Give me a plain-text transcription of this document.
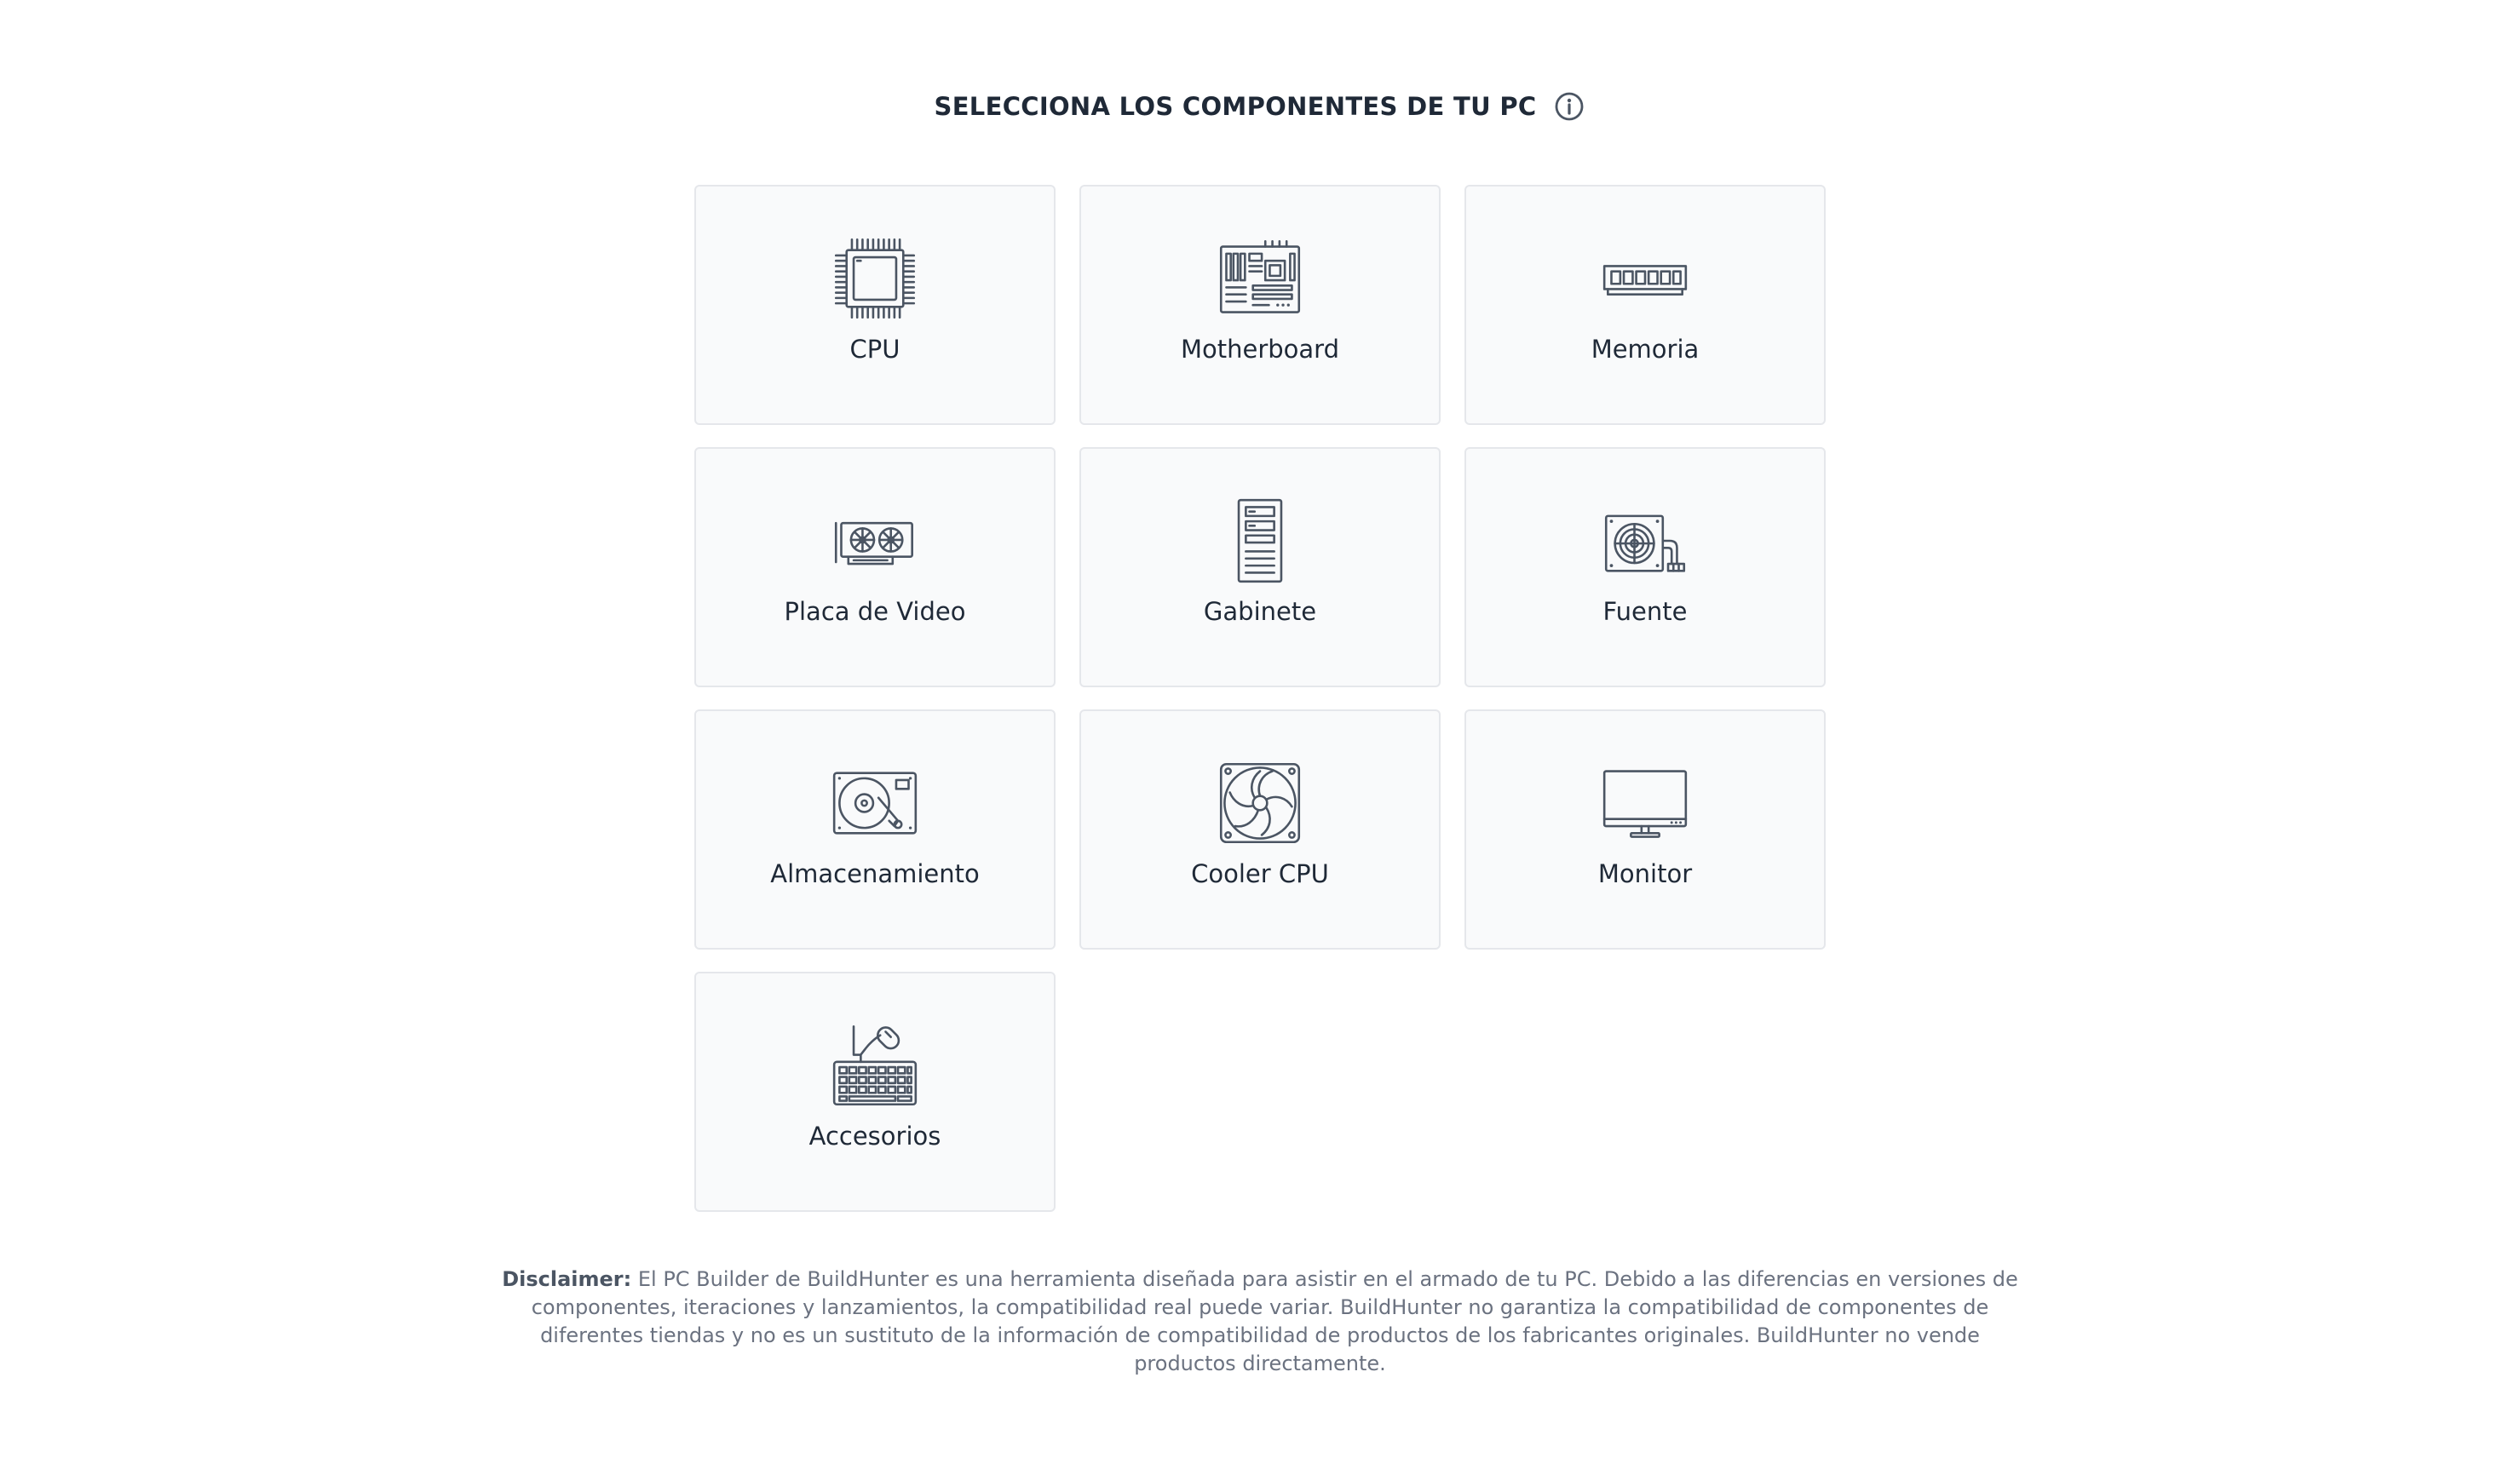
SELECCIONA LOS COMPONENTES DE TU PC
CPU	Motherboard	Memoria
Placa de Video	Gabinete	Fuente
Almacenamiento	Cooler CPU	Monitor
Accesorios
Disclaimer: El PC Builder de BuildHunter es una herramienta diseñada para asistir en el armado de tu PC. Debido a las diferencias en versiones de componentes, iteraciones y lanzamientos, la compatibilidad real puede variar. BuildHunter no garantiza la compatibilidad de componentes de diferentes tiendas y no es un sustituto de la información de compatibilidad de productos de los fabricantes originales. BuildHunter no vende productos directamente.
